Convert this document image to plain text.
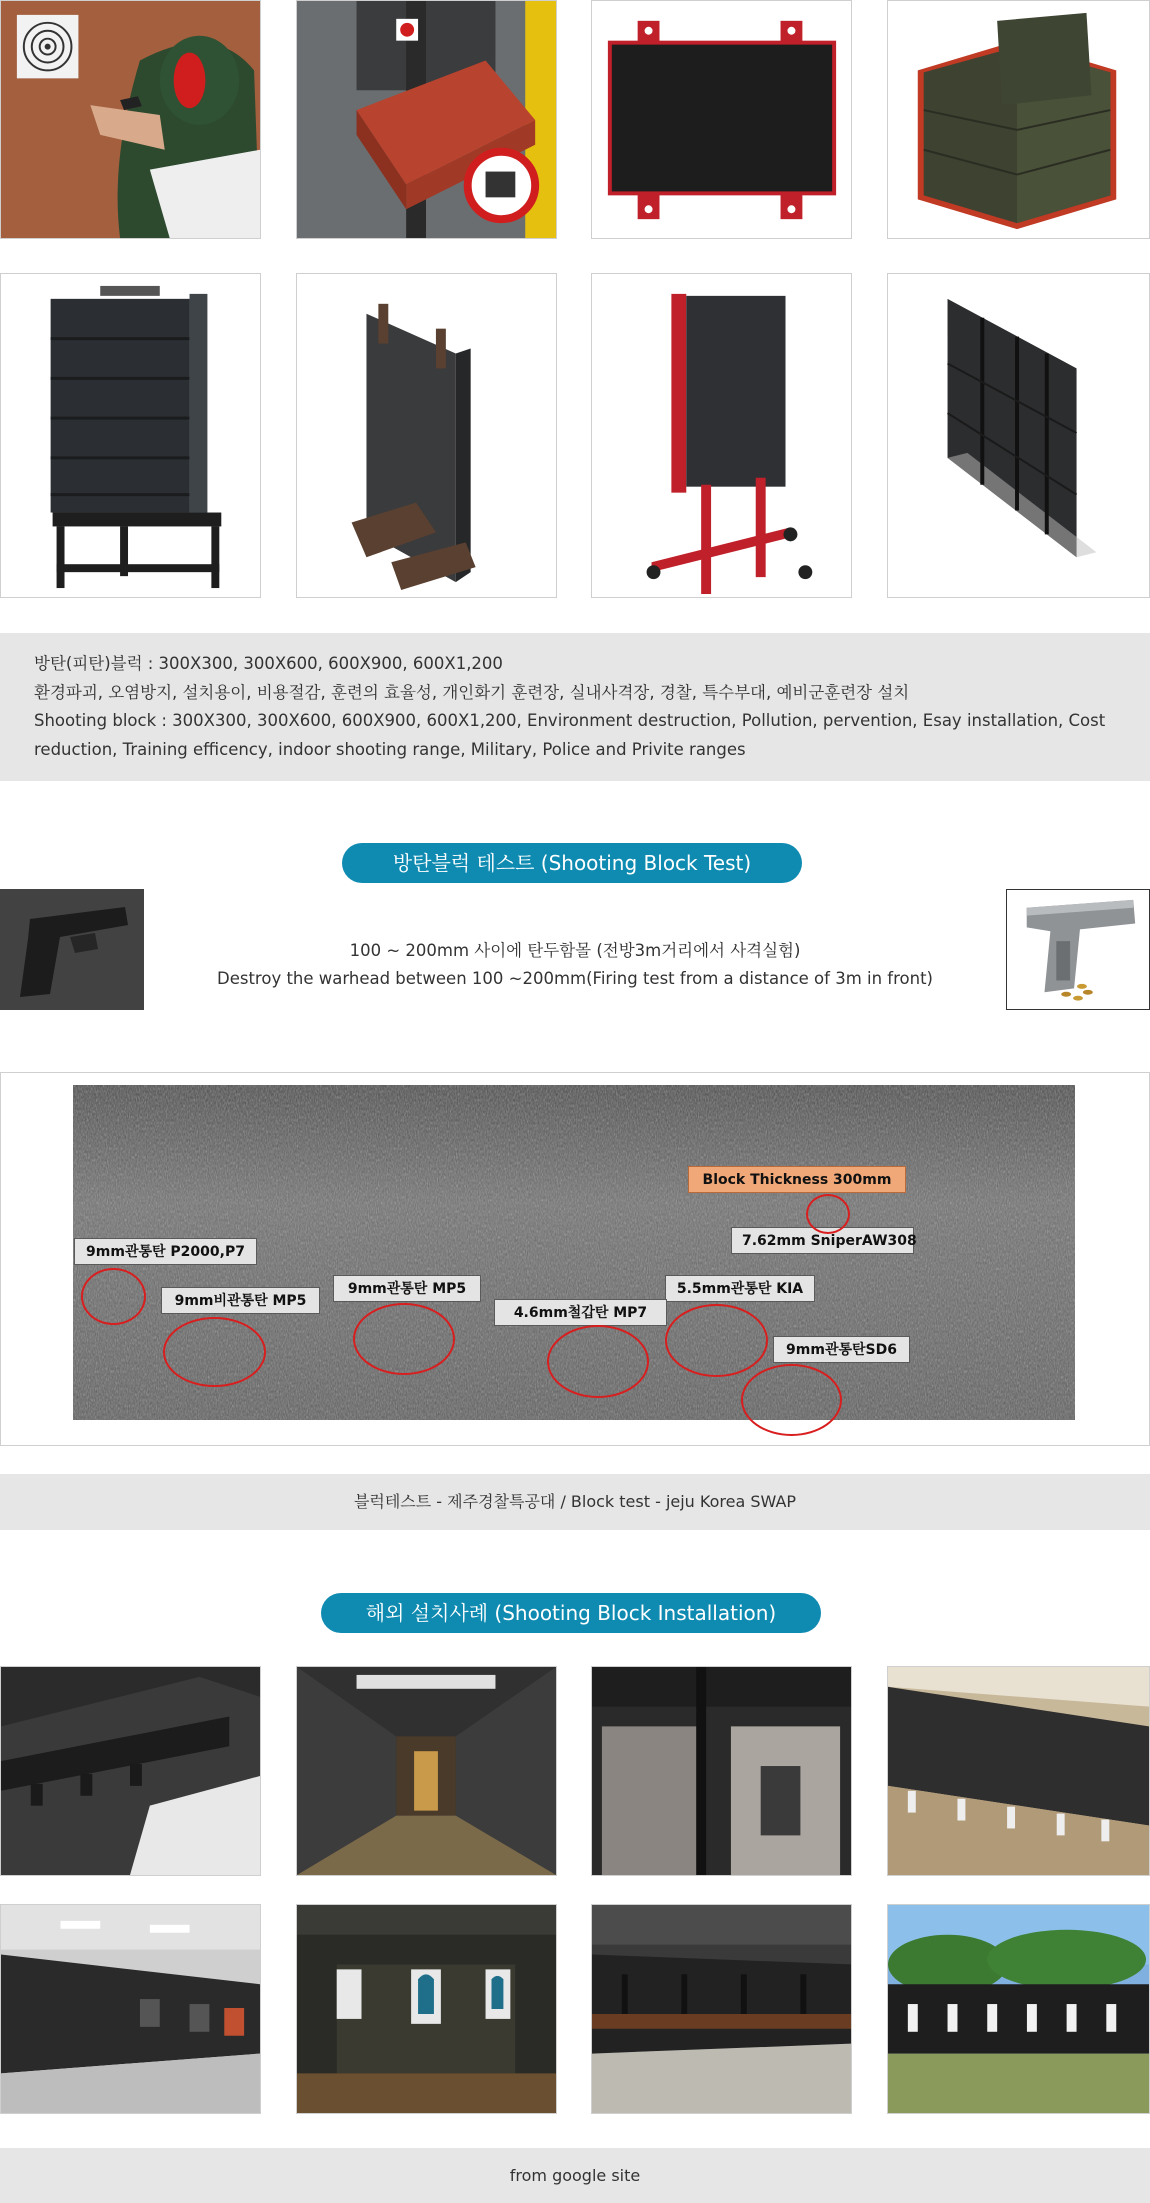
방탄(피탄)블럭 : 300X300, 300X600, 600X900, 600X1,200
환경파괴, 오염방지, 설치용이, 비용절감, 훈련의 효율성, 개인화기 훈련장, 실내사격장, 경찰, 특수부대, 예비군훈련장 설치
Shooting block : 300X300, 300X600, 600X900, 600X1,200, Environment destruction, Pollution, pervention, Esay installation, Cost reduction, Training efficency, indoor shooting range, Military, Police and Privite ranges
방탄블럭 테스트 (Shooting Block Test)
100 ~ 200mm 사이에 탄두함몰 (전방3m거리에서 사격실험)
Destroy the warhead between 100 ~200mm(Firing test from a distance of 3m in front)
Block Thickness 300mm
7.62mm SniperAW308
9mm관통탄 P2000,P7
9mm관통탄 MP5	5.5mm관통탄 KIA
9mm비관통탄 MP5
4.6mm철갑탄 MP7
9mm관통탄SD6
블럭테스트 - 제주경찰특공대 / Block test - jeju Korea SWAP
해외 설치사례 (Shooting Block Installation)
from google site
